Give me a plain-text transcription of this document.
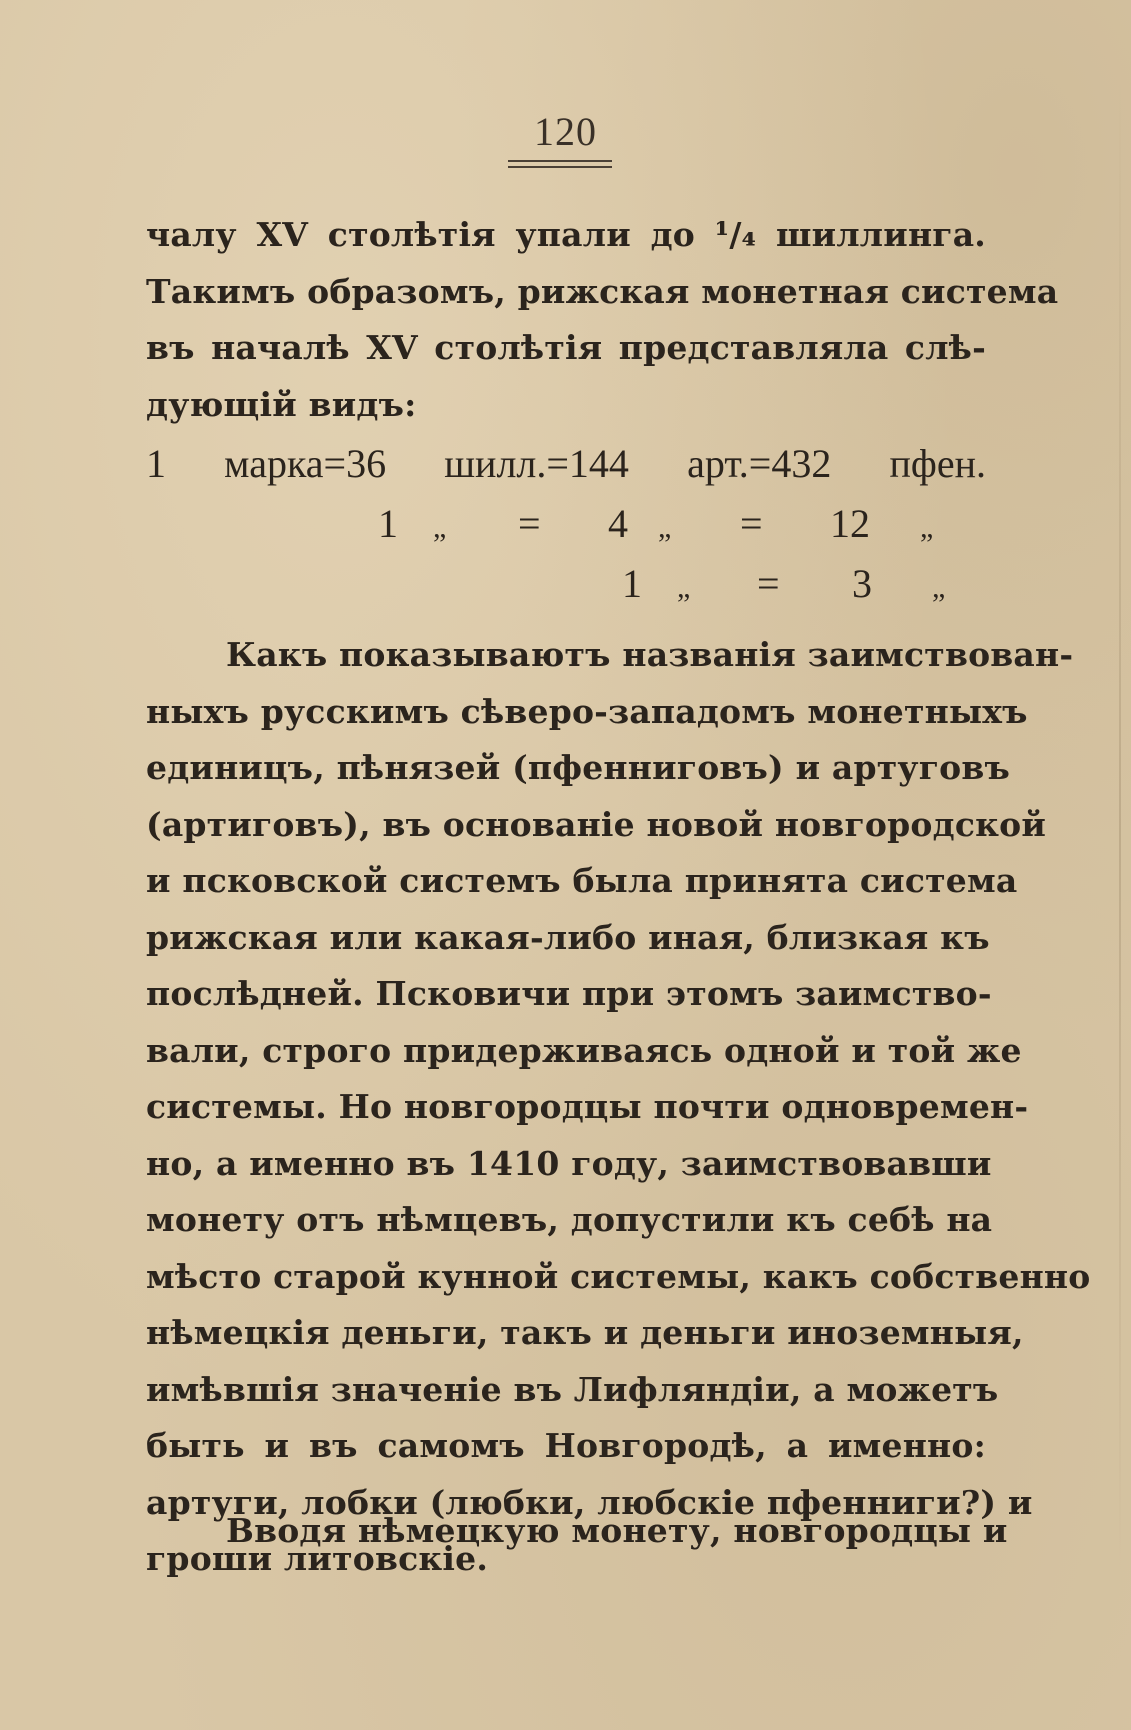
120
чалу XV столѣтія упали до ¹/₄ шиллинга.
Такимъ образомъ, рижская монетная система
въ началѣ XV столѣтія представляла слѣ-
дующій видъ:
1 марка=36 шилл.=144 арт.=432 пфен.
1 „ = 4 „ = 12 „
1 „ = 3 „
Какъ показываютъ названія заимствован-
ныхъ русскимъ сѣверо-западомъ монетныхъ
единицъ, пѣнязей (пфенниговъ) и артуговъ
(артиговъ), въ основаніе новой новгородской
и псковской системъ была принята система
рижская или какая-либо иная, близкая къ
послѣдней. Псковичи при этомъ заимство-
вали, строго придерживаясь одной и той же
системы. Но новгородцы почти одновремен-
но, а именно въ 1410 году, заимствовавши
монету отъ нѣмцевъ, допустили къ себѣ на
мѣсто старой кунной системы, какъ собственно
нѣмецкія деньги, такъ и деньги иноземныя,
имѣвшія значеніе въ Лифляндіи, а можетъ
быть и въ самомъ Новгородѣ, а именно:
артуги, лобки (любки, любскіе пфенниги?) и
гроши литовскіе.
Вводя нѣмецкую монету, новгородцы и
